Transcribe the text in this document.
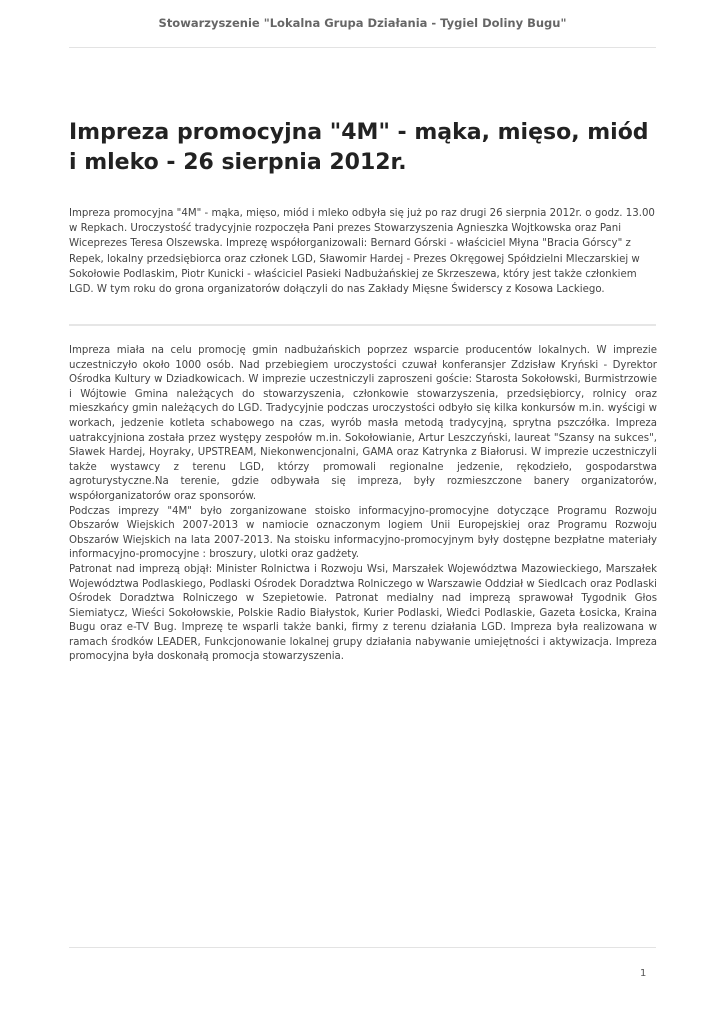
Stowarzyszenie "Lokalna Grupa Działania - Tygiel Doliny Bugu"
Impreza promocyjna "4M" - mąka, mięso, miód i mleko - 26 sierpnia 2012r.

Impreza promocyjna "4M" - mąka, mięso, miód i mleko odbyła się już po raz drugi 26 sierpnia 2012r. o godz. 13.00 w Repkach. Uroczystość tradycyjnie rozpoczęła Pani prezes Stowarzyszenia Agnieszka Wojtkowska oraz Pani Wiceprezes Teresa Olszewska. Imprezę współorganizowali: Bernard Górski - właściciel Młyna "Bracia Górscy" z Repek, lokalny przedsiębiorca oraz członek LGD, Sławomir Hardej - Prezes Okręgowej Spółdzielni Mleczarskiej w Sokołowie Podlaskim, Piotr Kunicki - właściciel Pasieki Nadbużańskiej ze Skrzeszewa, który jest także członkiem LGD. W tym roku do grona organizatorów dołączyli do nas Zakłady Mięsne Świderscy z Kosowa Lackiego.

Impreza miała na celu promocję gmin nadbużańskich poprzez wsparcie producentów lokalnych. W imprezie uczestniczyło około 1000 osób. Nad przebiegiem uroczystości czuwał konferansjer Zdzisław Kryński - Dyrektor Ośrodka Kultury w Dziadkowicach. W imprezie uczestniczyli zaproszeni goście: Starosta Sokołowski, Burmistrzowie i Wójtowie Gmina należących do stowarzyszenia, członkowie stowarzyszenia, przedsiębiorcy, rolnicy oraz mieszkańcy gmin należących do LGD. Tradycyjnie podczas uroczystości odbyło się kilka konkursów m.in. wyścigi w workach, jedzenie kotleta schabowego na czas, wyrób masła metodą tradycyjną, sprytna pszczółka. Impreza uatrakcyjniona została przez występy zespołów m.in. Sokołowianie, Artur Leszczyński, laureat "Szansy na sukces", Sławek Hardej, Hoyraky, UPSTREAM, Niekonwencjonalni, GAMA oraz Katrynka z Białorusi. W imprezie uczestniczyli także wystawcy z terenu LGD, którzy promowali regionalne jedzenie, rękodzieło, gospodarstwa agroturystyczne.Na terenie, gdzie odbywała się impreza, były rozmieszczone banery organizatorów, współorganizatorów oraz sponsorów.

Podczas imprezy "4M" było zorganizowane stoisko informacyjno-promocyjne dotyczące Programu Rozwoju Obszarów Wiejskich 2007-2013 w namiocie oznaczonym logiem Unii Europejskiej oraz Programu Rozwoju Obszarów Wiejskich na lata 2007-2013. Na stoisku informacyjno-promocyjnym były dostępne bezpłatne materiały informacyjno-promocyjne : broszury, ulotki oraz gadżety.

Patronat nad imprezą objął: Minister Rolnictwa i Rozwoju Wsi, Marszałek Województwa Mazowieckiego, Marszałek Województwa Podlaskiego, Podlaski Ośrodek Doradztwa Rolniczego w Warszawie Oddział w Siedlcach oraz Podlaski Ośrodek Doradztwa Rolniczego w Szepietowie. Patronat medialny nad imprezą sprawował Tygodnik Głos Siemiatycz, Wieści Sokołowskie, Polskie Radio Białystok, Kurier Podlaski, Wieđci Podlaskie, Gazeta Łosicka, Kraina Bugu oraz e-TV Bug. Imprezę te wsparli także banki, firmy z terenu działania LGD. Impreza była realizowana w ramach środków LEADER, Funkcjonowanie lokalnej grupy działania nabywanie umiejętności i aktywizacja. Impreza promocyjna była doskonałą promocja stowarzyszenia.

1
